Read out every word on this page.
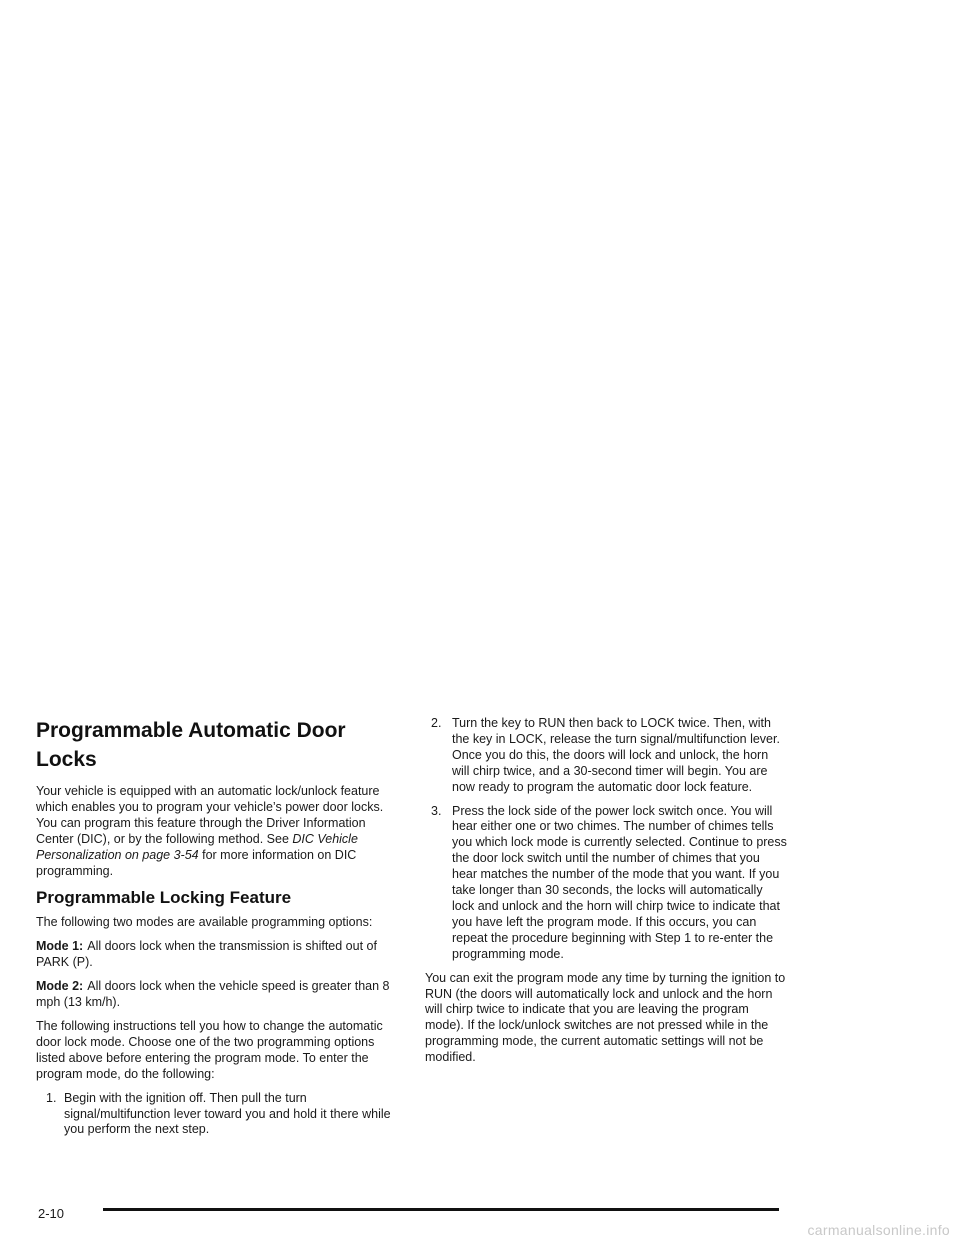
Programmable Automatic Door Locks

Your vehicle is equipped with an automatic lock/unlock feature which enables you to program your vehicle’s power door locks. You can program this feature through the Driver Information Center (DIC), or by the following method. See DIC Vehicle Personalization on page 3-54 for more information on DIC programming.

Programmable Locking Feature

The following two modes are available programming options:

Mode 1: All doors lock when the transmission is shifted out of PARK (P).

Mode 2: All doors lock when the vehicle speed is greater than 8 mph (13 km/h).

The following instructions tell you how to change the automatic door lock mode. Choose one of the two programming options listed above before entering the program mode. To enter the program mode, do the following:

1. Begin with the ignition off. Then pull the turn signal/multifunction lever toward you and hold it there while you perform the next step.
2. Turn the key to RUN then back to LOCK twice. Then, with the key in LOCK, release the turn signal/multifunction lever. Once you do this, the doors will lock and unlock, the horn will chirp twice, and a 30-second timer will begin. You are now ready to program the automatic door lock feature.
3. Press the lock side of the power lock switch once. You will hear either one or two chimes. The number of chimes tells you which lock mode is currently selected. Continue to press the door lock switch until the number of chimes that you hear matches the number of the mode that you want. If you take longer than 30 seconds, the locks will automatically lock and unlock and the horn will chirp twice to indicate that you have left the program mode. If this occurs, you can repeat the procedure beginning with Step 1 to re-enter the programming mode.

You can exit the program mode any time by turning the ignition to RUN (the doors will automatically lock and unlock and the horn will chirp twice to indicate that you are leaving the program mode). If the lock/unlock switches are not pressed while in the programming mode, the current automatic settings will not be modified.

2-10
carmanualsonline.info
